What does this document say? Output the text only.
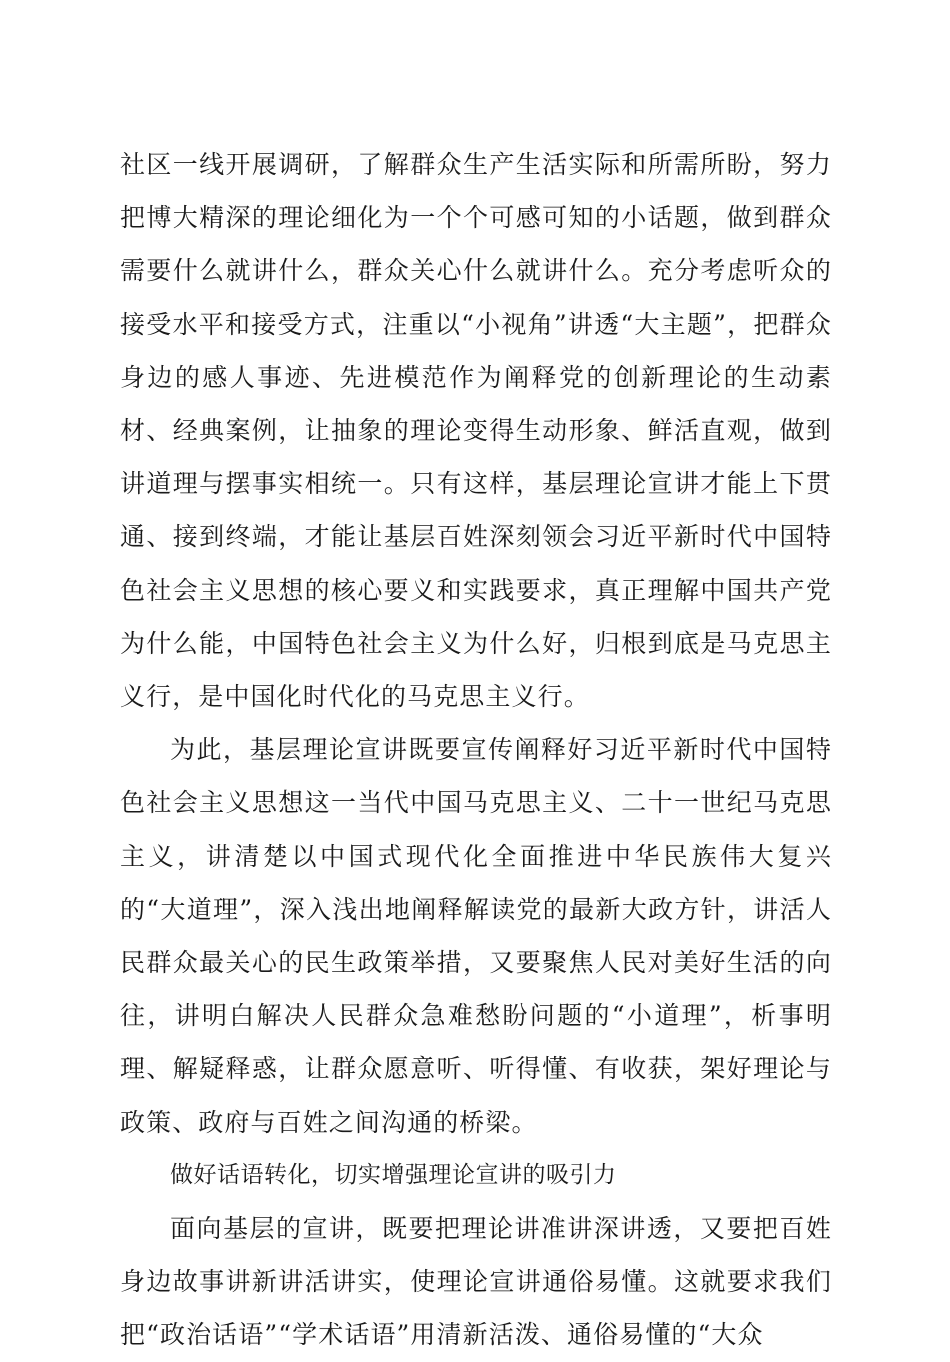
社区一线开展调研，了解群众生产生活实际和所需所盼，努力把博大精深的理论细化为一个个可感可知的小话题，做到群众需要什么就讲什么，群众关心什么就讲什么。充分考虑听众的接受水平和接受方式，注重以“小视角”讲透“大主题”，把群众身边的感人事迹、先进模范作为阐释党的创新理论的生动素材、经典案例，让抽象的理论变得生动形象、鲜活直观，做到讲道理与摆事实相统一。只有这样，基层理论宣讲才能上下贯通、接到终端，才能让基层百姓深刻领会习近平新时代中国特色社会主义思想的核心要义和实践要求，真正理解中国共产党为什么能，中国特色社会主义为什么好，归根到底是马克思主义行，是中国化时代化的马克思主义行。

为此，基层理论宣讲既要宣传阐释好习近平新时代中国特色社会主义思想这一当代中国马克思主义、二十一世纪马克思主义，讲清楚以中国式现代化全面推进中华民族伟大复兴的“大道理”，深入浅出地阐释解读党的最新大政方针，讲活人民群众最关心的民生政策举措，又要聚焦人民对美好生活的向往，讲明白解决人民群众急难愁盼问题的“小道理”，析事明理、解疑释惑，让群众愿意听、听得懂、有收获，架好理论与政策、政府与百姓之间沟通的桥梁。

做好话语转化，切实增强理论宣讲的吸引力

面向基层的宣讲，既要把理论讲准讲深讲透，又要把百姓身边故事讲新讲活讲实，使理论宣讲通俗易懂。这就要求我们把“政治话语”“学术话语”用清新活泼、通俗易懂的“大众
